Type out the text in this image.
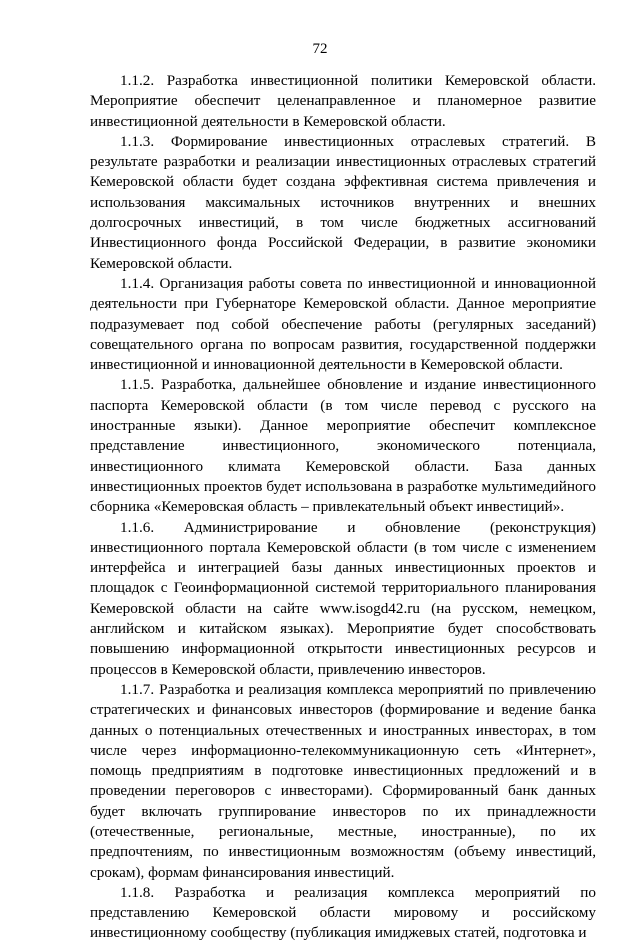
72

1.1.2. Разработка инвестиционной политики Кемеровской области. Мероприятие обеспечит целенаправленное и планомерное развитие инвестиционной деятельности в Кемеровской области.

1.1.3. Формирование инвестиционных отраслевых стратегий. В результате разработки и реализации инвестиционных отраслевых стратегий Кемеровской области будет создана эффективная система привлечения и использования максимальных источников внутренних и внешних долгосрочных инвестиций, в том числе бюджетных ассигнований Инвестиционного фонда Российской Федерации, в развитие экономики Кемеровской области.

1.1.4. Организация работы совета по инвестиционной и инновационной деятельности при Губернаторе Кемеровской области. Данное мероприятие подразумевает под собой обеспечение работы (регулярных заседаний) совещательного органа по вопросам развития, государственной поддержки инвестиционной и инновационной деятельности в Кемеровской области.

1.1.5. Разработка, дальнейшее обновление и издание инвестиционного паспорта Кемеровской области (в том числе перевод с русского на иностранные языки). Данное мероприятие обеспечит комплексное представление инвестиционного, экономического потенциала, инвестиционного климата Кемеровской области. База данных инвестиционных проектов будет использована в разработке мультимедийного сборника «Кемеровская область – привлекательный объект инвестиций».

1.1.6. Администрирование и обновление (реконструкция) инвестиционного портала Кемеровской области (в том числе с изменением интерфейса и интеграцией базы данных инвестиционных проектов и площадок с Геоинформационной системой территориального планирования Кемеровской области на сайте www.isogd42.ru (на русском, немецком, английском и китайском языках). Мероприятие будет способствовать повышению информационной открытости инвестиционных ресурсов и процессов в Кемеровской области, привлечению инвесторов.

1.1.7. Разработка и реализация комплекса мероприятий по привлечению стратегических и финансовых инвесторов (формирование и ведение банка данных о потенциальных отечественных и иностранных инвесторах, в том числе через информационно-телекоммуникационную сеть «Интернет», помощь предприятиям в подготовке инвестиционных предложений и в проведении переговоров с инвесторами). Сформированный банк данных будет включать группирование инвесторов по их принадлежности (отечественные, региональные, местные, иностранные), по их предпочтениям, по инвестиционным возможностям (объему инвестиций, срокам), формам финансирования инвестиций.

1.1.8. Разработка и реализация комплекса мероприятий по представлению Кемеровской области мировому и российскому инвестиционному сообществу (публикация имиджевых статей, подготовка и
